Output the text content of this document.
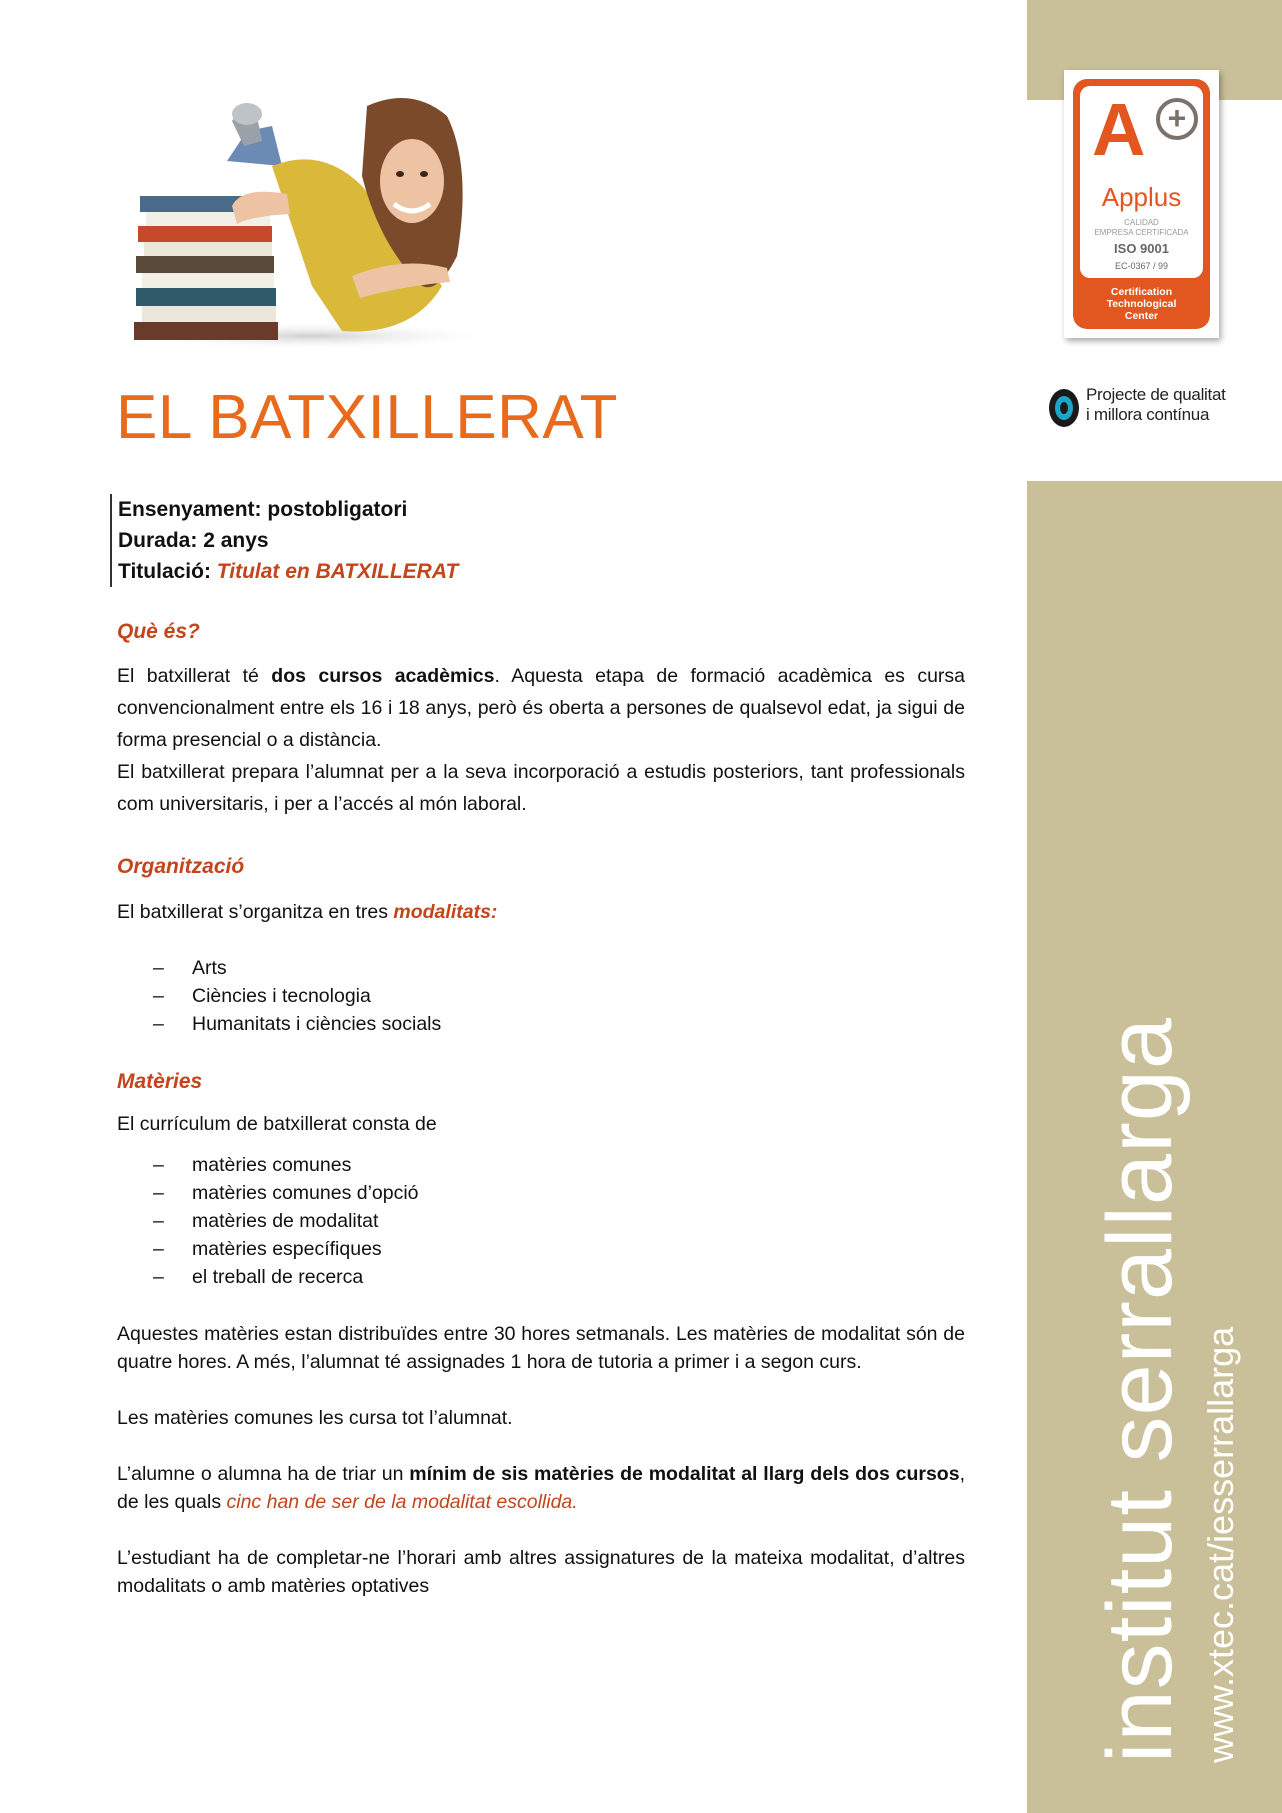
A +
Applus
CALIDAD
EMPRESA CERTIFICADA
ISO 9001
EC-0367 / 99
Certification
Technological
Center
Projecte de qualitat
i millora contínua
institut serrallarga www.xtec.cat/iesserrallarga
EL BATXILLERAT
Ensenyament: postobligatori
Durada: 2 anys
Titulació: Titulat en BATXILLERAT
Què és?

El batxillerat té dos cursos acadèmics. Aquesta etapa de formació acadèmica es cursa convencionalment entre els 16 i 18 anys, però és oberta a persones de qualsevol edat, ja sigui de forma presencial o a distància.

El batxillerat prepara l’alumnat per a la seva incorporació a estudis posteriors, tant professionals com universitaris, i per a l’accés al món laboral.

Organització
El batxillerat s’organitza en tres modalitats:
– Arts
– Ciències i tecnologia
– Humanitats i ciències socials
Matèries
El currículum de batxillerat consta de
– matèries comunes
– matèries comunes d’opció
– matèries de modalitat
– matèries específiques
– el treball de recerca

Aquestes matèries estan distribuïdes entre 30 hores setmanals. Les matèries de modalitat són de quatre hores. A més, l’alumnat té assignades 1 hora de tutoria a primer i a segon curs.

Les matèries comunes les cursa tot l’alumnat.

L’alumne o alumna ha de triar un mínim de sis matèries de modalitat al llarg dels dos cursos, de les quals cinc han de ser de la modalitat escollida.

L’estudiant ha de completar-ne l’horari amb altres assignatures de la mateixa modalitat, d’altres modalitats o amb matèries optatives
